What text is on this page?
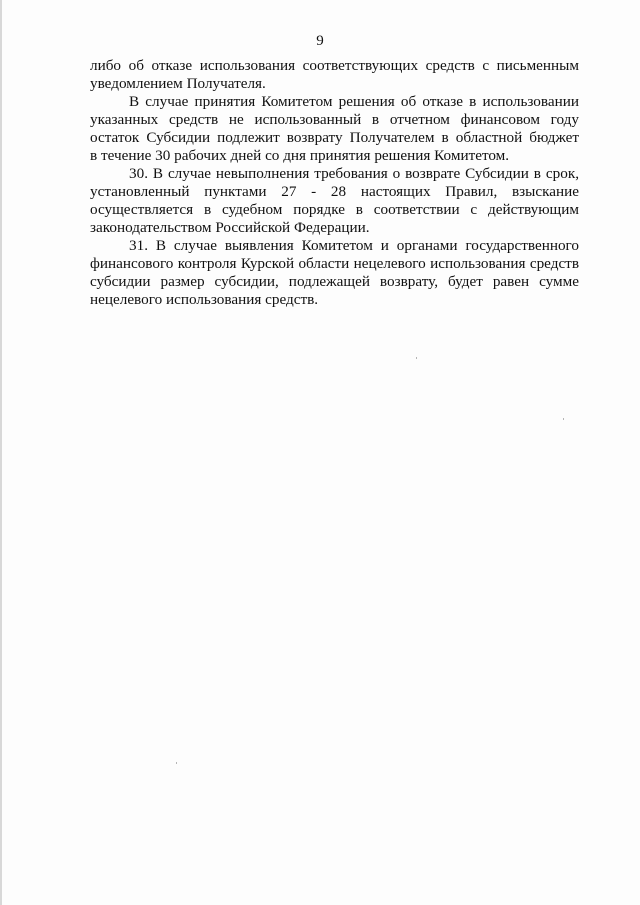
9
либо об отказе использования соответствующих средств с письменным
уведомлением Получателя.
В случае принятия Комитетом решения об отказе в использовании
указанных средств не использованный в отчетном финансовом году
остаток Субсидии подлежит возврату Получателем в областной бюджет
в течение 30 рабочих дней со дня принятия решения Комитетом.
30. В случае невыполнения требования о возврате Субсидии в срок,
установленный пунктами 27 - 28 настоящих Правил, взыскание
осуществляется в судебном порядке в соответствии с действующим
законодательством Российской Федерации.
31. В случае выявления Комитетом и органами государственного
финансового контроля Курской области нецелевого использования средств
субсидии размер субсидии, подлежащей возврату, будет равен сумме
нецелевого использования средств.
